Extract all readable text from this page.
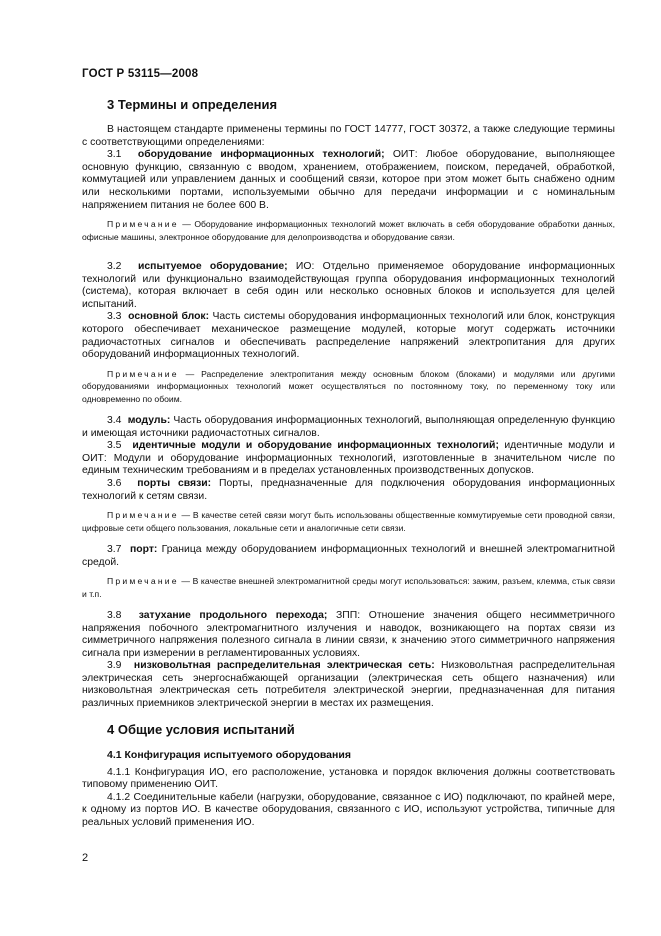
ГОСТ Р 53115—2008
3 Термины и определения

В настоящем стандарте применены термины по ГОСТ 14777, ГОСТ 30372, а также следующие термины с соответствующими определениями:

3.1 оборудование информационных технологий; ОИТ: Любое оборудование, выполняющее основную функцию, связанную с вводом, хранением, отображением, поиском, передачей, обработкой, коммутацией или управлением данных и сообщений связи, которое при этом может быть снабжено одним или несколькими портами, используемыми обычно для передачи информации и с номинальным напряжением питания не более 600 В.

Примечание — Оборудование информационных технологий может включать в себя оборудование обработки данных, офисные машины, электронное оборудование для делопроизводства и оборудование связи.

3.2 испытуемое оборудование; ИО: Отдельно применяемое оборудование информационных технологий или функционально взаимодействующая группа оборудования информационных технологий (система), которая включает в себя один или несколько основных блоков и используется для целей испытаний.

3.3 основной блок: Часть системы оборудования информационных технологий или блок, конструкция которого обеспечивает механическое размещение модулей, которые могут содержать источники радиочастотных сигналов и обеспечивать распределение напряжений электропитания для других оборудований информационных технологий.

Примечание — Распределение электропитания между основным блоком (блоками) и модулями или другими оборудованиями информационных технологий может осуществляться по постоянному току, по переменному току или одновременно по обоим.

3.4 модуль: Часть оборудования информационных технологий, выполняющая определенную функцию и имеющая источники радиочастотных сигналов.

3.5 идентичные модули и оборудование информационных технологий; идентичные модули и ОИТ: Модули и оборудование информационных технологий, изготовленные в значительном числе по единым техническим требованиям и в пределах установленных производственных допусков.

3.6 порты связи: Порты, предназначенные для подключения оборудования информационных технологий к сетям связи.

Примечание — В качестве сетей связи могут быть использованы общественные коммутируемые сети проводной связи, цифровые сети общего пользования, локальные сети и аналогичные сети связи.

3.7 порт: Граница между оборудованием информационных технологий и внешней электромагнитной средой.

Примечание — В качестве внешней электромагнитной среды могут использоваться: зажим, разъем, клемма, стык связи и т.п.

3.8 затухание продольного перехода; ЗПП: Отношение значения общего несимметричного напряжения побочного электромагнитного излучения и наводок, возникающего на портах связи из симметричного напряжения полезного сигнала в линии связи, к значению этого симметричного напряжения сигнала при измерении в регламентированных условиях.

3.9 низковольтная распределительная электрическая сеть: Низковольтная распределительная электрическая сеть энергоснабжающей организации (электрическая сеть общего назначения) или низковольтная электрическая сеть потребителя электрической энергии, предназначенная для питания различных приемников электрической энергии в местах их размещения.

4 Общие условия испытаний
4.1 Конфигурация испытуемого оборудования

4.1.1 Конфигурация ИО, его расположение, установка и порядок включения должны соответствовать типовому применению ОИТ.

4.1.2 Соединительные кабели (нагрузки, оборудование, связанное с ИО) подключают, по крайней мере, к одному из портов ИО. В качестве оборудования, связанного с ИО, используют устройства, типичные для реальных условий применения ИО.

2
